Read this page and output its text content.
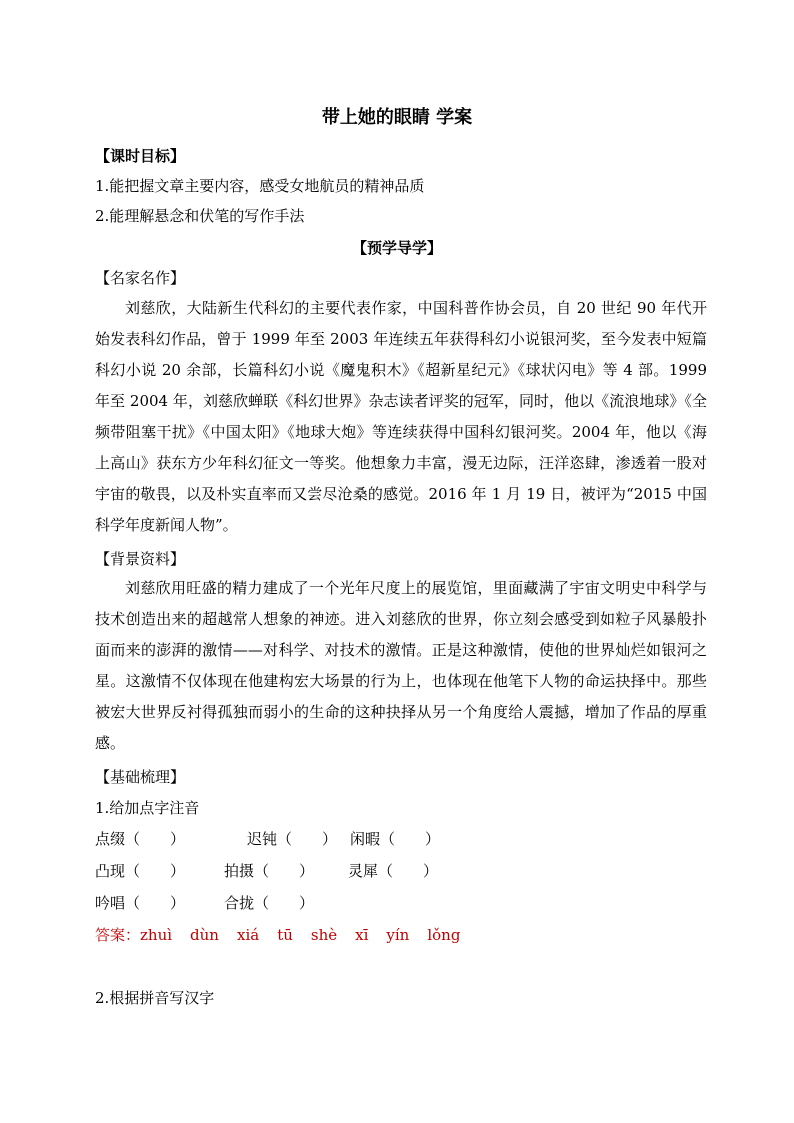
带上她的眼睛 学案
【课时目标】
1.能把握文章主要内容，感受女地航员的精神品质
2.能理解悬念和伏笔的写作手法
【预学导学】
【名家名作】
刘慈欣，大陆新生代科幻的主要代表作家，中国科普作协会员，自 20 世纪 90 年代开始发表科幻作品，曾于 1999 年至 2003 年连续五年获得科幻小说银河奖，至今发表中短篇科幻小说 20 余部，长篇科幻小说《魔鬼积木》《超新星纪元》《球状闪电》等 4 部。1999 年至 2004 年，刘慈欣蝉联《科幻世界》杂志读者评奖的冠军，同时，他以《流浪地球》《全频带阻塞干扰》《中国太阳》《地球大炮》等连续获得中国科幻银河奖。2004 年，他以《海上高山》获东方少年科幻征文一等奖。他想象力丰富，漫无边际，汪洋恣肆，渗透着一股对宇宙的敬畏，以及朴实直率而又尝尽沧桑的感觉。2016 年 1 月 19 日，被评为“2015 中国科学年度新闻人物”。
【背景资料】
刘慈欣用旺盛的精力建成了一个光年尺度上的展览馆，里面藏满了宇宙文明史中科学与技术创造出来的超越常人想象的神迹。进入刘慈欣的世界，你立刻会感受到如粒子风暴般扑面而来的澎湃的激情——对科学、对技术的激情。正是这种激情，使他的世界灿烂如银河之星。这激情不仅体现在他建构宏大场景的行为上，也体现在他笔下人物的命运抉择中。那些被宏大世界反衬得孤独而弱小的生命的这种抉择从另一个角度给人震撼，增加了作品的厚重感。
【基础梳理】
1.给加点字注音
点缀（　　）	迟钝（　　） 闲暇（　　）
凸现（　　）	拍摄（　　） 灵犀（　　）
吟唱（　　）	合拢（　　）
答案：zhuì dùn xiá tū shè xī yín lǒng
2.根据拼音写汉字
